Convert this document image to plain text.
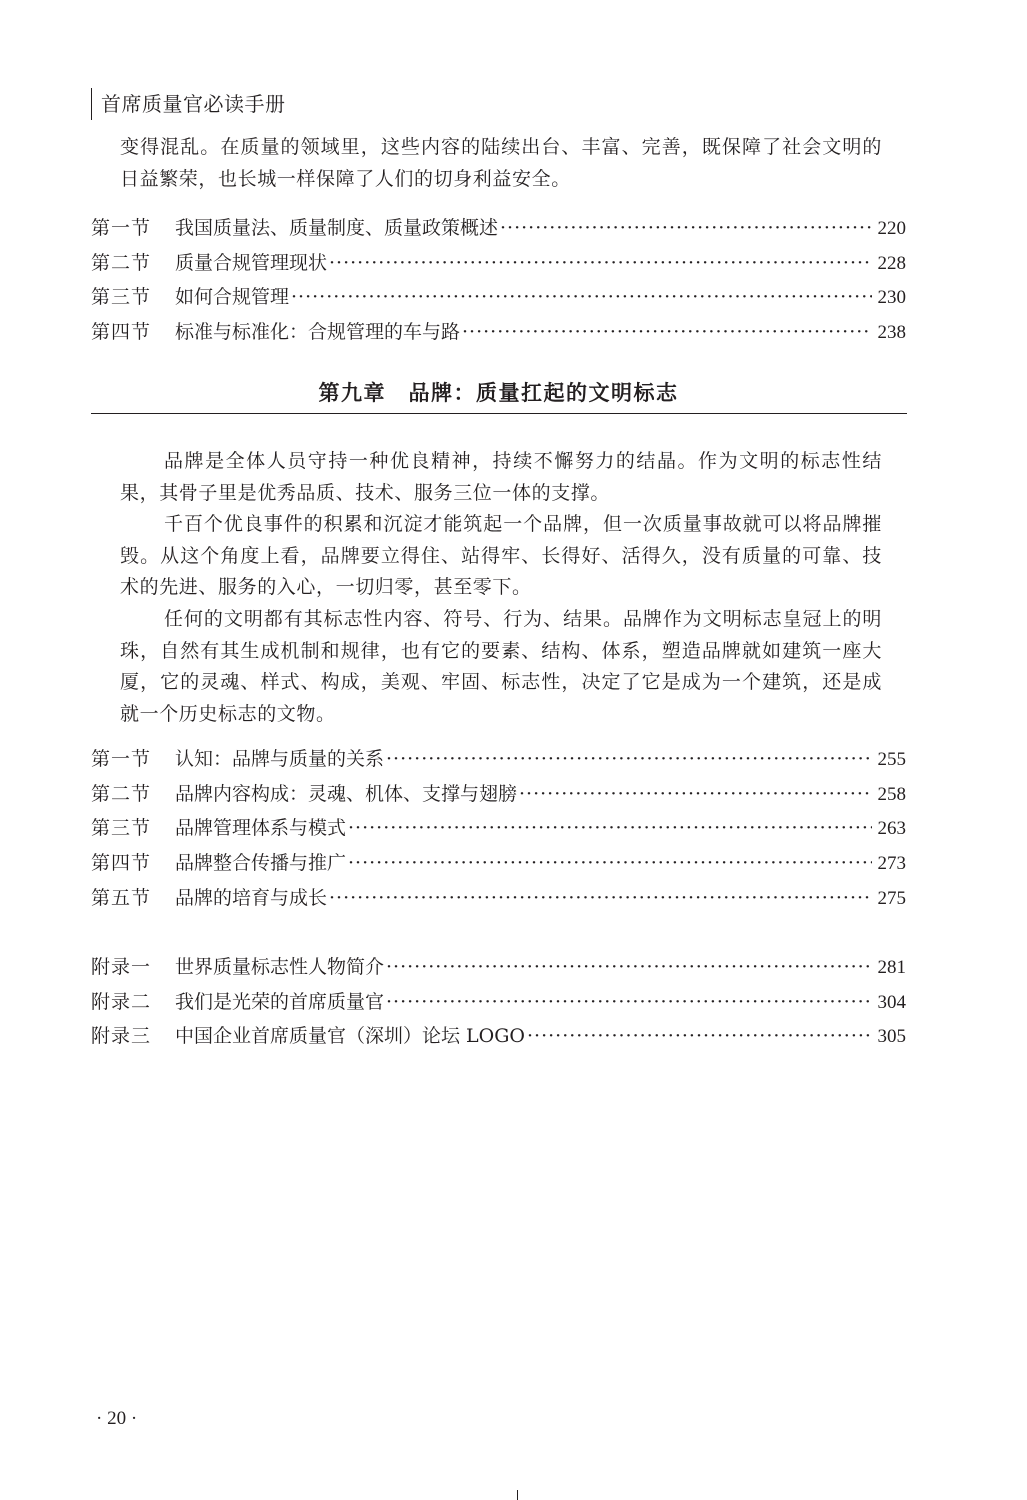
首席质量官必读手册

变得混乱。在质量的领域里，这些内容的陆续出台、丰富、完善，既保障了社会文明的日益繁荣，也长城一样保障了人们的切身利益安全。

第一节	我国质量法、质量制度、质量政策概述 ·····	220
第二节	质量合规管理现状 ·····	228
第三节	如何合规管理 ·····	230
第四节	标准与标准化：合规管理的车与路 ·····	238
第九章　品牌：质量扛起的文明标志

品牌是全体人员守持一种优良精神，持续不懈努力的结晶。作为文明的标志性结果，其骨子里是优秀品质、技术、服务三位一体的支撑。

千百个优良事件的积累和沉淀才能筑起一个品牌，但一次质量事故就可以将品牌摧毁。从这个角度上看，品牌要立得住、站得牢、长得好、活得久，没有质量的可靠、技术的先进、服务的入心，一切归零，甚至零下。

任何的文明都有其标志性内容、符号、行为、结果。品牌作为文明标志皇冠上的明珠，自然有其生成机制和规律，也有它的要素、结构、体系，塑造品牌就如建筑一座大厦，它的灵魂、样式、构成，美观、牢固、标志性，决定了它是成为一个建筑，还是成就一个历史标志的文物。

第一节	认知：品牌与质量的关系 ·····	255
第二节	品牌内容构成：灵魂、机体、支撑与翅膀 ·····	258
第三节	品牌管理体系与模式 ·····	263
第四节	品牌整合传播与推广 ·····	273
第五节	品牌的培育与成长 ·····	275
附录一	世界质量标志性人物简介 ·····	281
附录二	我们是光荣的首席质量官 ·····	304
附录三	中国企业首席质量官（深圳）论坛 LOGO ·····	305
· 20 ·
